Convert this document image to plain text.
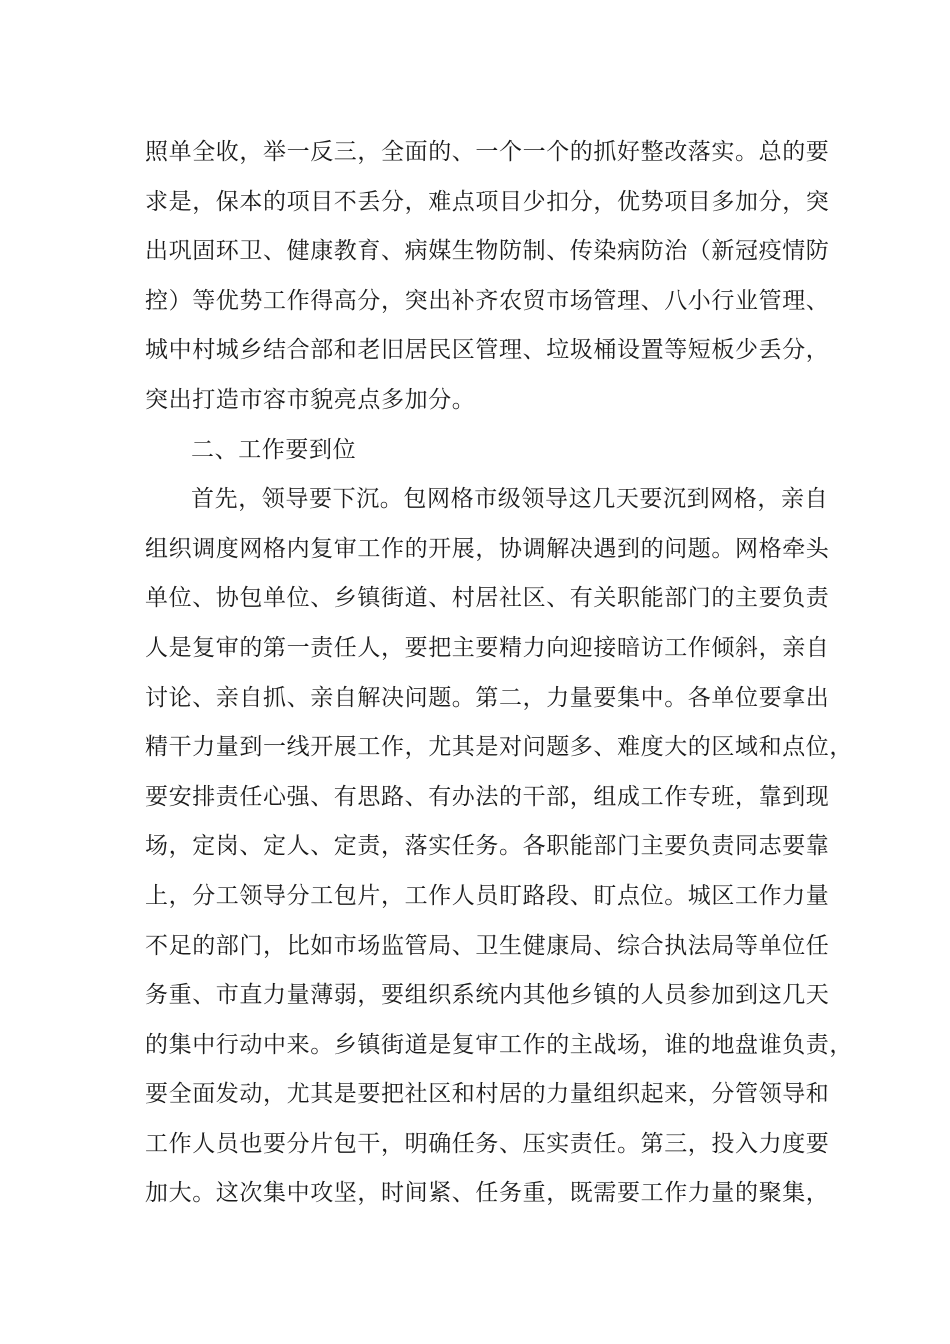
照单全收，举一反三，全面的、一个一个的抓好整改落实。总的要
求是，保本的项目不丢分，难点项目少扣分，优势项目多加分，突
出巩固环卫、健康教育、病媒生物防制、传染病防治（新冠疫情防
控）等优势工作得高分，突出补齐农贸市场管理、八小行业管理、
城中村城乡结合部和老旧居民区管理、垃圾桶设置等短板少丢分，
突出打造市容市貌亮点多加分。
二、工作要到位
首先，领导要下沉。包网格市级领导这几天要沉到网格，亲自
组织调度网格内复审工作的开展，协调解决遇到的问题。网格牵头
单位、协包单位、乡镇街道、村居社区、有关职能部门的主要负责
人是复审的第一责任人，要把主要精力向迎接暗访工作倾斜，亲自
讨论、亲自抓、亲自解决问题。第二，力量要集中。各单位要拿出
精干力量到一线开展工作，尤其是对问题多、难度大的区域和点位，
要安排责任心强、有思路、有办法的干部，组成工作专班，靠到现
场，定岗、定人、定责，落实任务。各职能部门主要负责同志要靠
上，分工领导分工包片，工作人员盯路段、盯点位。城区工作力量
不足的部门，比如市场监管局、卫生健康局、综合执法局等单位任
务重、市直力量薄弱，要组织系统内其他乡镇的人员参加到这几天
的集中行动中来。乡镇街道是复审工作的主战场，谁的地盘谁负责，
要全面发动，尤其是要把社区和村居的力量组织起来，分管领导和
工作人员也要分片包干，明确任务、压实责任。第三，投入力度要
加大。这次集中攻坚，时间紧、任务重，既需要工作力量的聚集，
